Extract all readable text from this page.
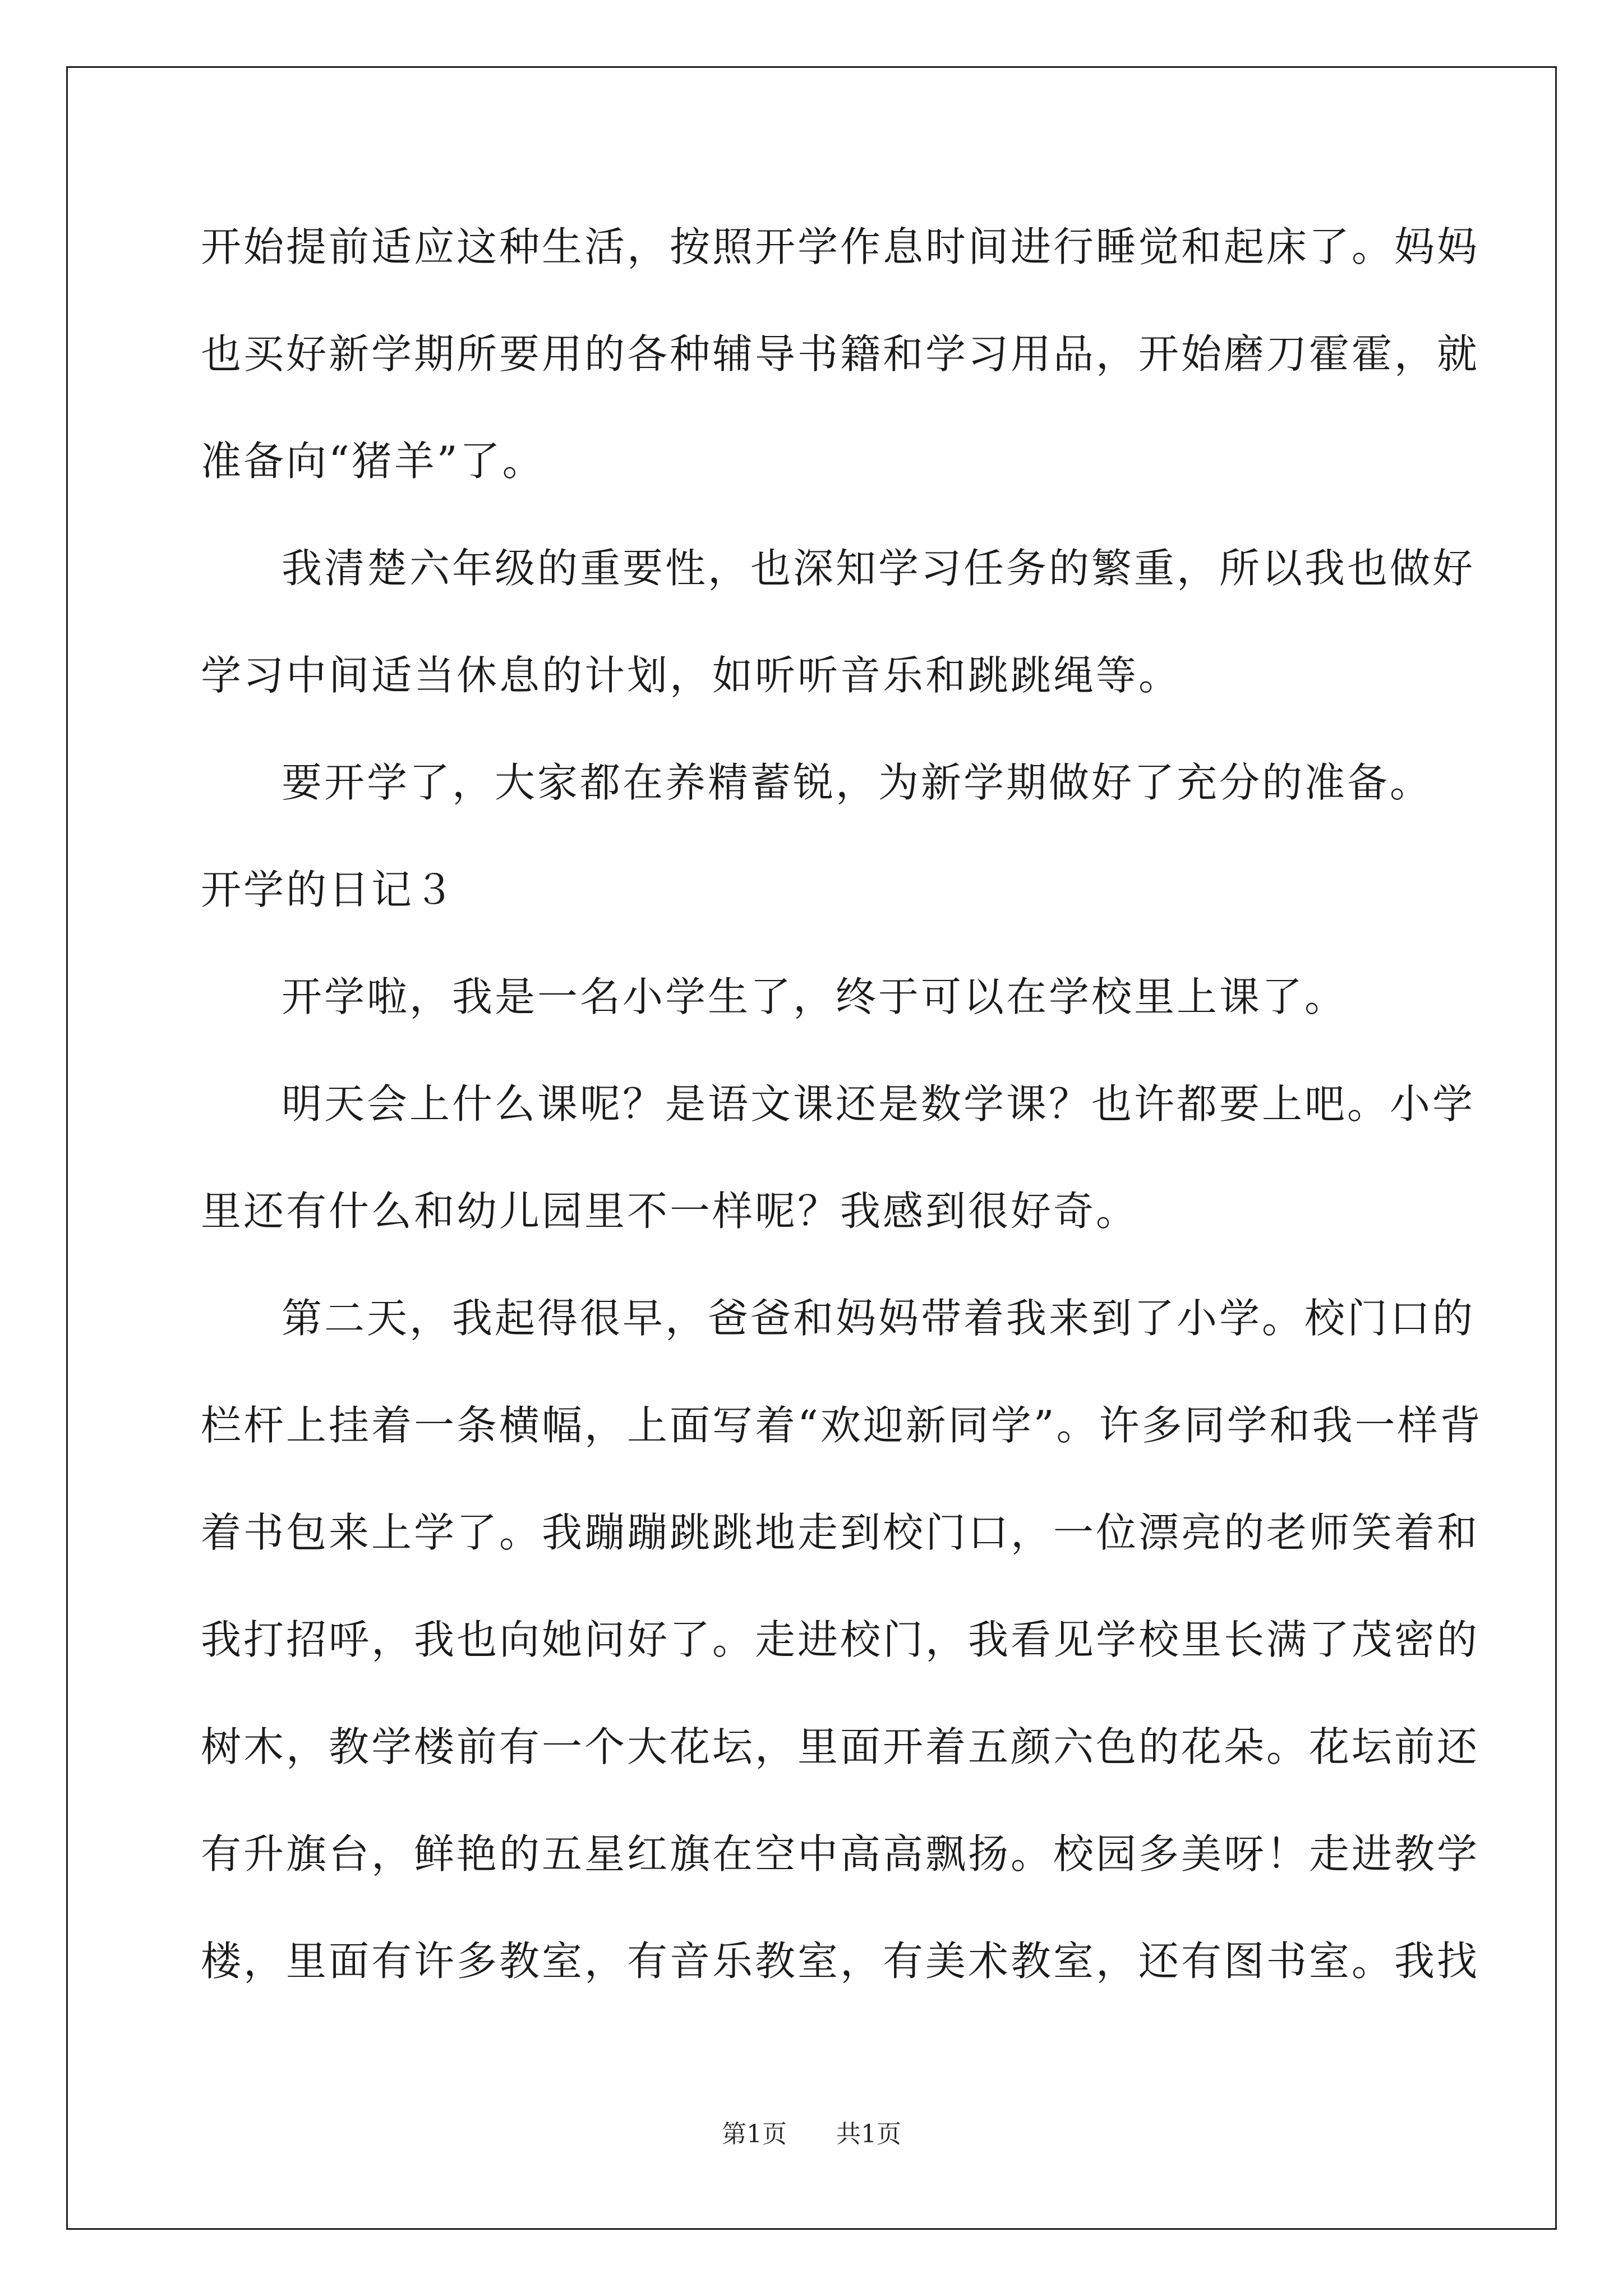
开始提前适应这种生活，按照开学作息时间进行睡觉和起床了。妈妈
也买好新学期所要用的各种辅导书籍和学习用品，开始磨刀霍霍，就
准备向“猪羊”了。
我清楚六年级的重要性，也深知学习任务的繁重，所以我也做好
学习中间适当休息的计划，如听听音乐和跳跳绳等。
要开学了，大家都在养精蓄锐，为新学期做好了充分的准备。
开学的日记３
开学啦，我是一名小学生了，终于可以在学校里上课了。
明天会上什么课呢？是语文课还是数学课？也许都要上吧。小学
里还有什么和幼儿园里不一样呢？我感到很好奇。
第二天，我起得很早，爸爸和妈妈带着我来到了小学。校门口的
栏杆上挂着一条横幅，上面写着“欢迎新同学”。许多同学和我一样背
着书包来上学了。我蹦蹦跳跳地走到校门口，一位漂亮的老师笑着和
我打招呼，我也向她问好了。走进校门，我看见学校里长满了茂密的
树木，教学楼前有一个大花坛，里面开着五颜六色的花朵。花坛前还
有升旗台，鲜艳的五星红旗在空中高高飘扬。校园多美呀！走进教学
楼，里面有许多教室，有音乐教室，有美术教室，还有图书室。我找
第1页 共1页
